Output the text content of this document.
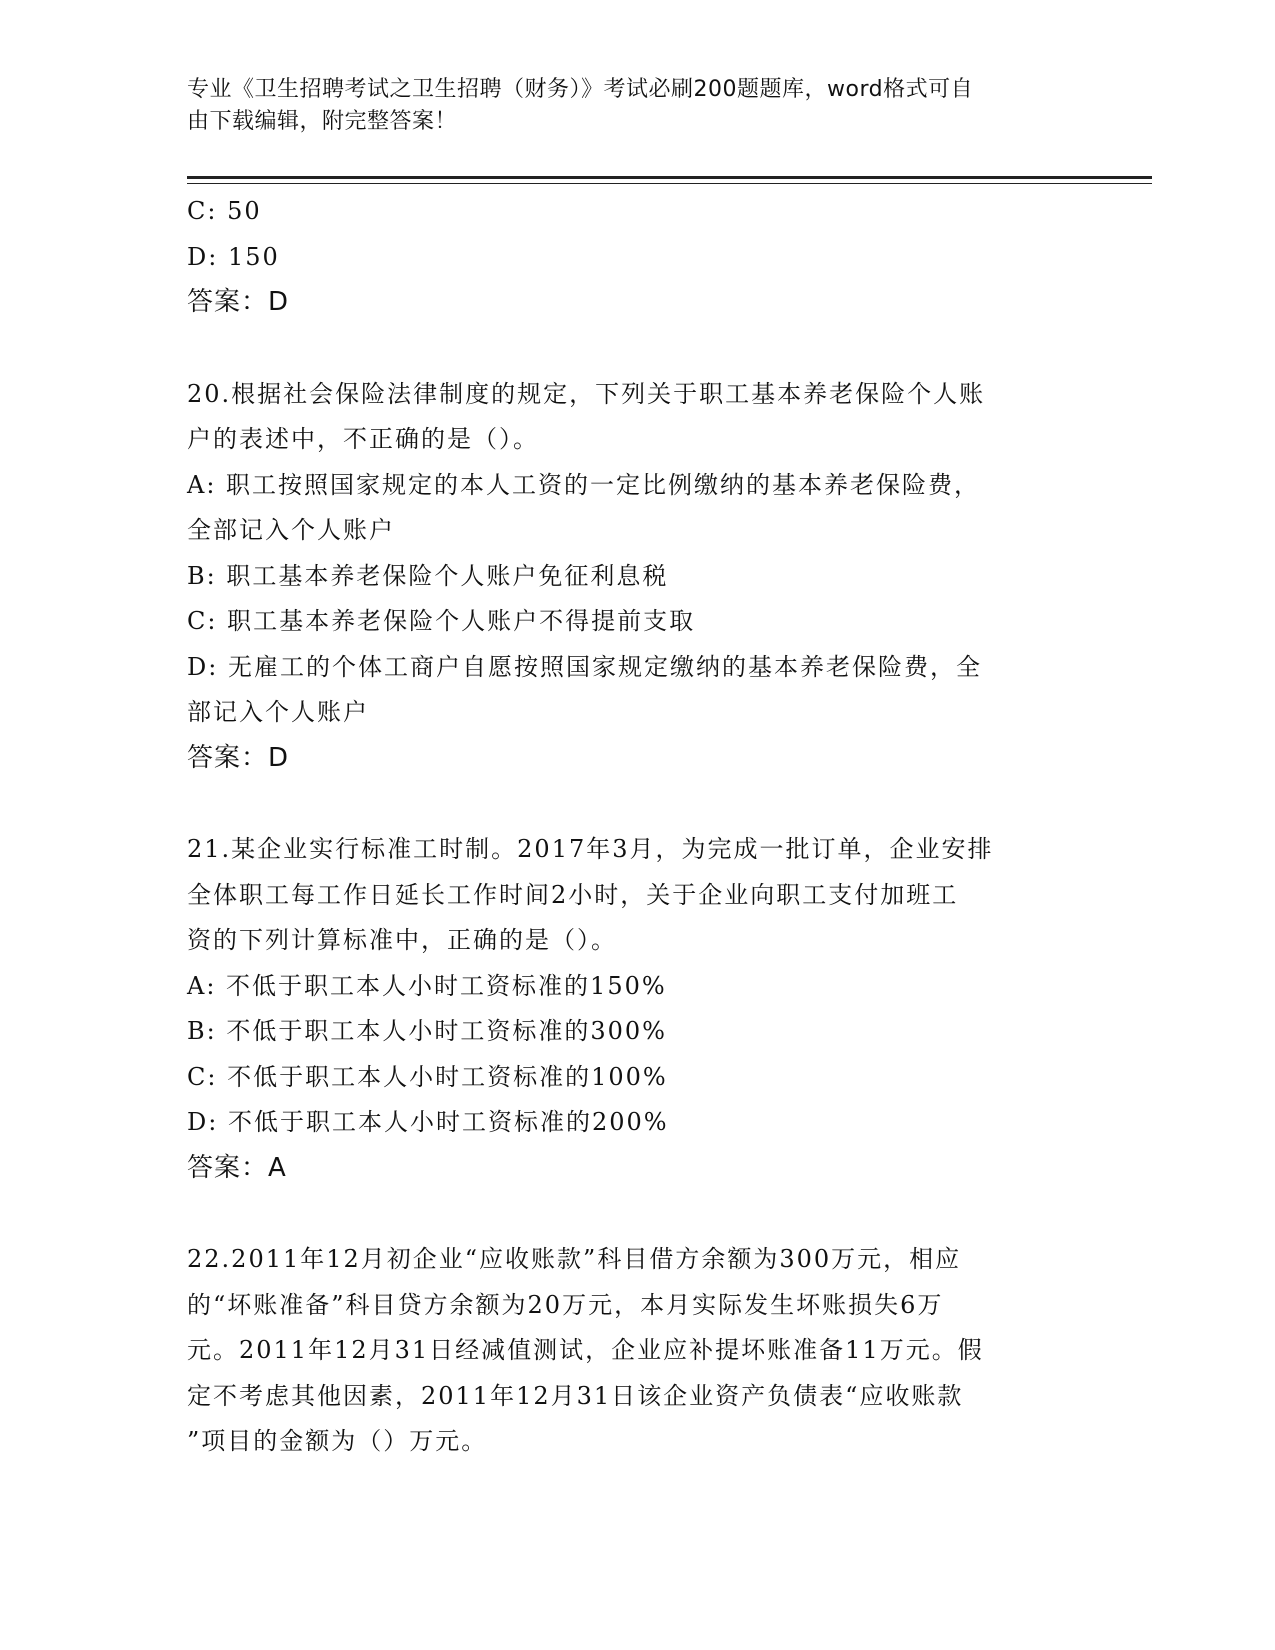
专业《卫生招聘考试之卫生招聘（财务）》考试必刷200题题库，word格式可自
由下载编辑，附完整答案！
C: 50
D: 150
答案：D
20.根据社会保险法律制度的规定，下列关于职工基本养老保险个人账
户的表述中，不正确的是（）。
A: 职工按照国家规定的本人工资的一定比例缴纳的基本养老保险费，
全部记入个人账户
B: 职工基本养老保险个人账户免征利息税
C: 职工基本养老保险个人账户不得提前支取
D: 无雇工的个体工商户自愿按照国家规定缴纳的基本养老保险费，全
部记入个人账户
答案：D
21.某企业实行标准工时制。2017年3月，为完成一批订单，企业安排
全体职工每工作日延长工作时间2小时，关于企业向职工支付加班工
资的下列计算标准中，正确的是（）。
A: 不低于职工本人小时工资标准的150%
B: 不低于职工本人小时工资标准的300%
C: 不低于职工本人小时工资标准的100%
D: 不低于职工本人小时工资标准的200%
答案：A
22.2011年12月初企业“应收账款”科目借方余额为300万元，相应
的“坏账准备”科目贷方余额为20万元，本月实际发生坏账损失6万
元。2011年12月31日经减值测试，企业应补提坏账准备11万元。假
定不考虑其他因素，2011年12月31日该企业资产负债表“应收账款
”项目的金额为（）万元。
